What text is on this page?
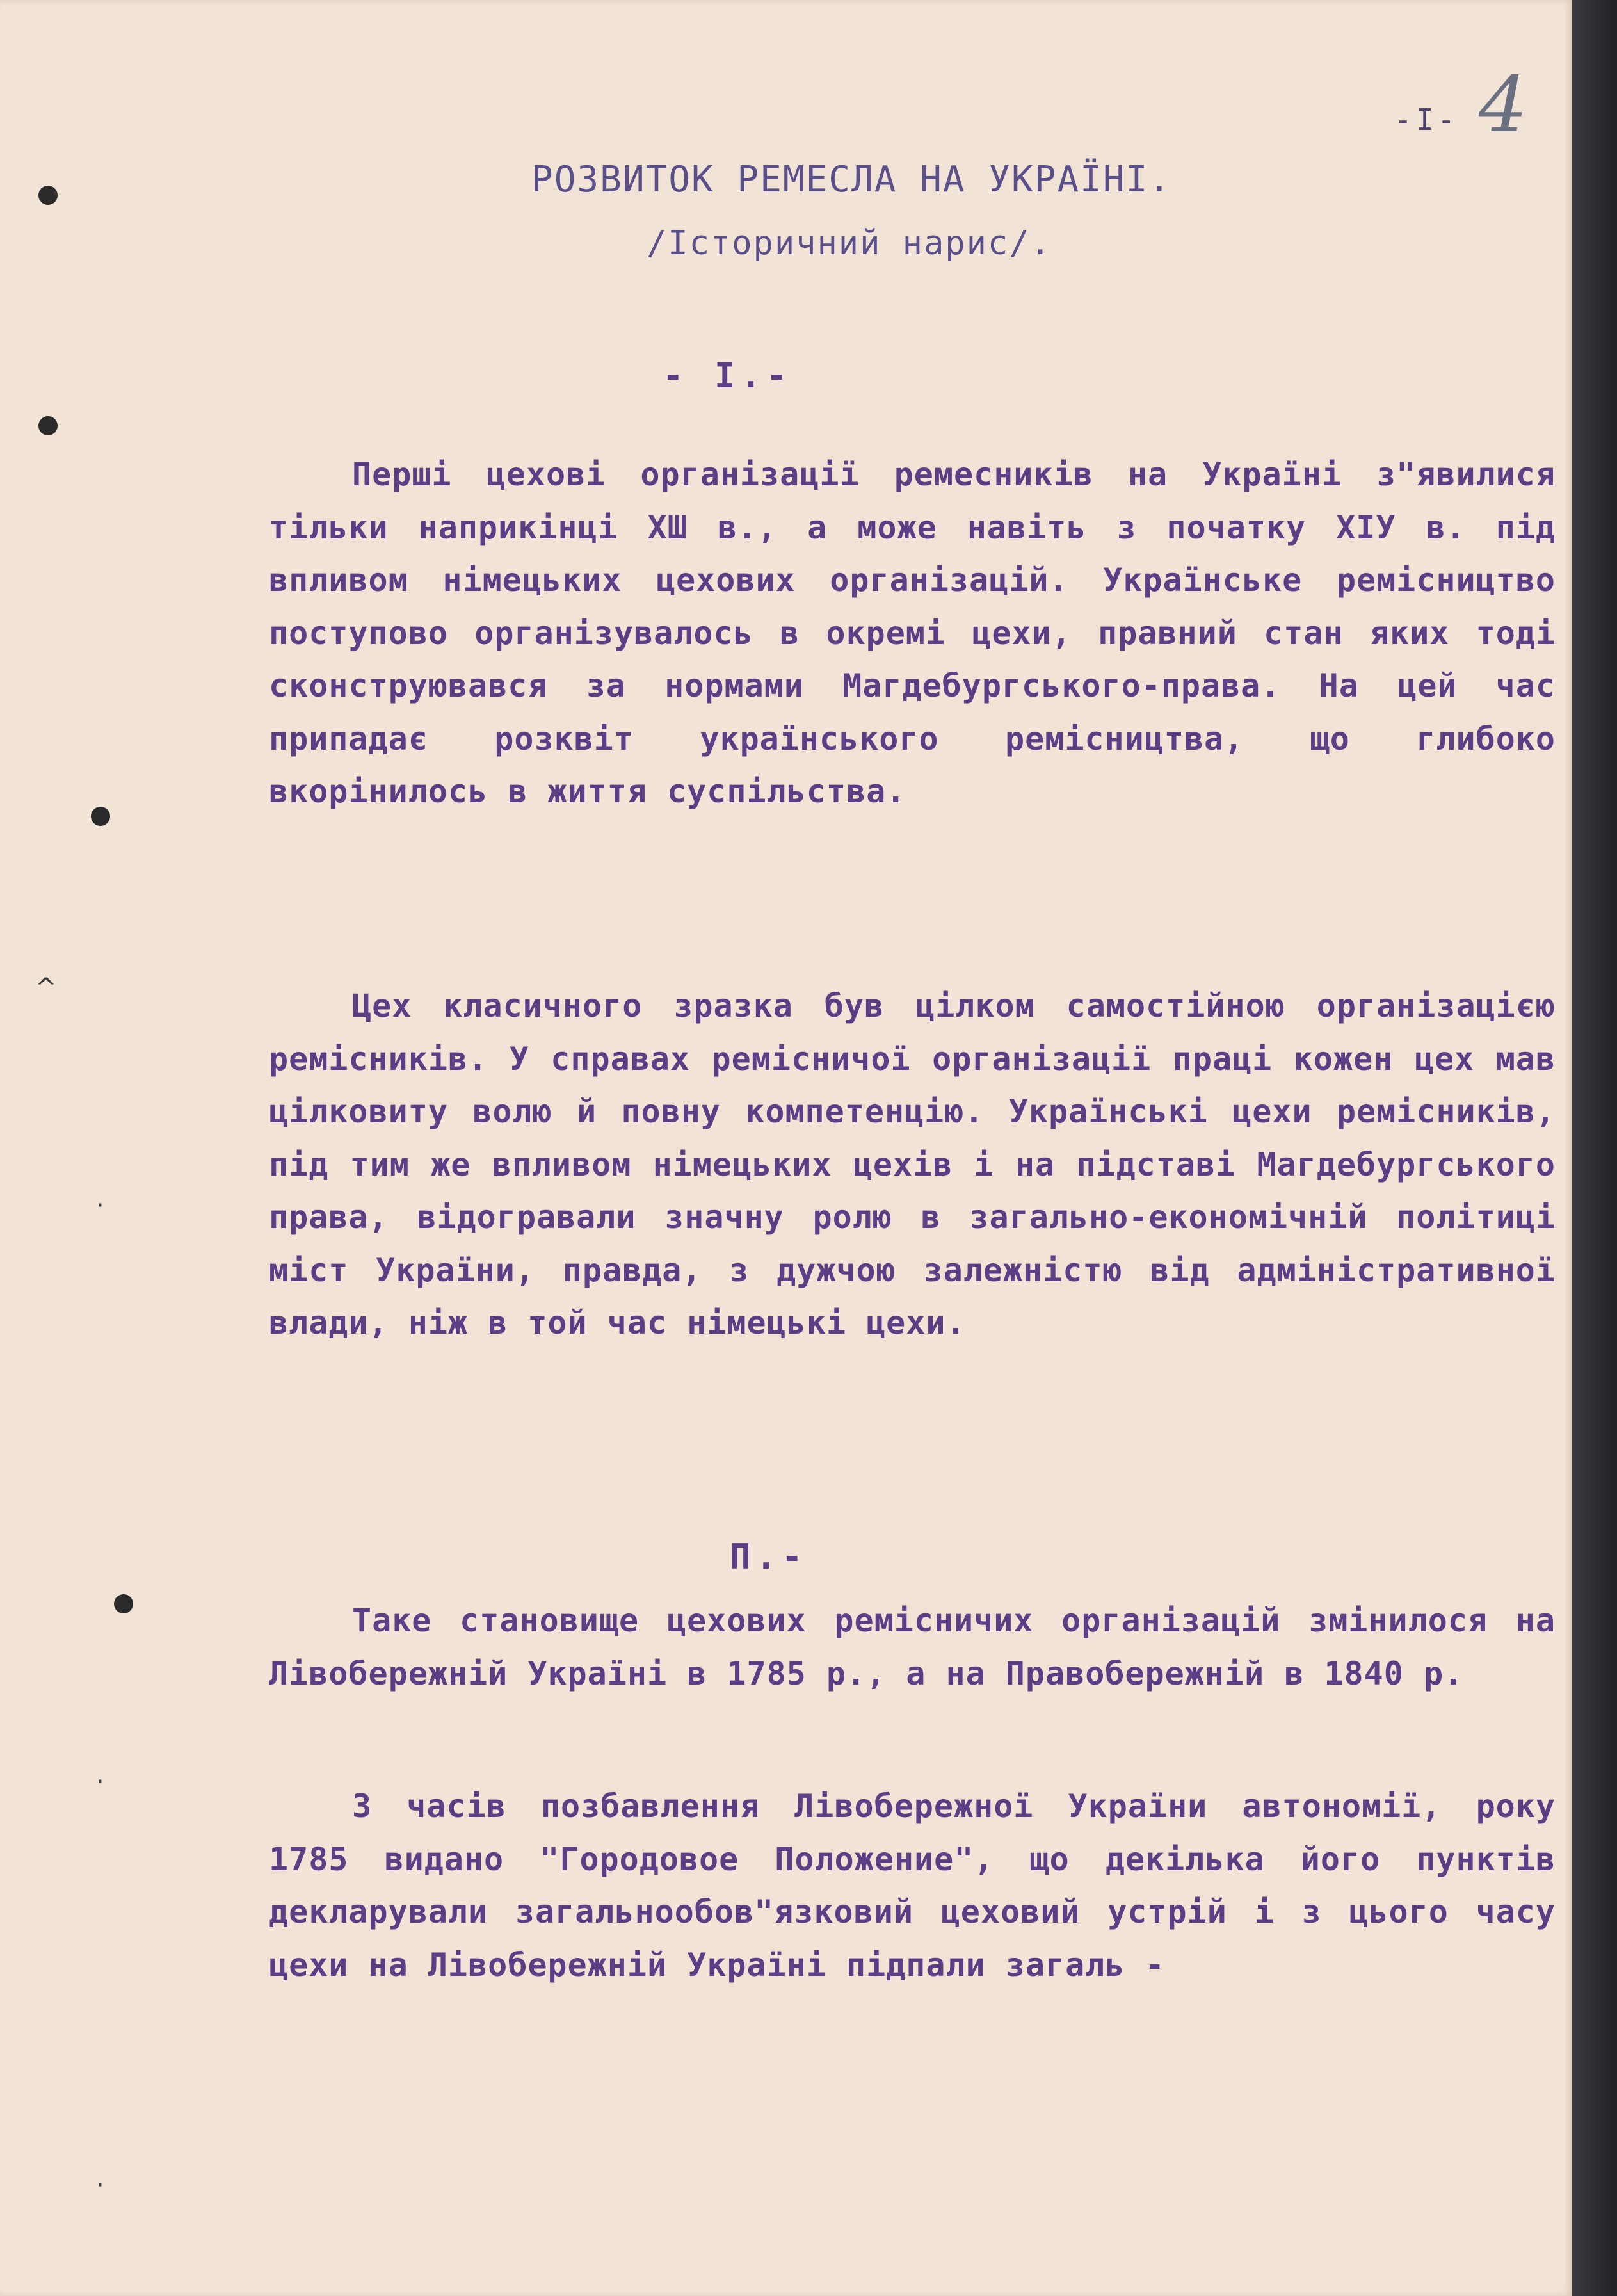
·
^
·
·
·
-I- 4
РОЗВИТОК РЕМЕСЛА НА УКРАЇНІ.
/Історичний нарис/.
- І.-

Перші цехові організації ремесників на Україні з"явилися тільки наприкінці ХШ в., а може навіть з початку ХІУ в. під впливом німецьких цехових організацій. Українське ремісництво поступово організувалось в окремі цехи, правний стан яких тоді сконструювався за нормами Магдебургського-права. На цей час припадає розквіт українського ремісництва, що глибоко вкорінилось в життя суспільства.

Цех класичного зразка був цілком самостійною організацією ремісників. У справах ремісничої організації праці кожен цех мав цілковиту волю й повну компетенцію. Українські цехи ремісників, під тим же впливом німецьких цехів і на підставі Магдебургського права, відогравали значну ролю в загально-економічній політиці міст України, правда, з дужчою залежністю від адміністративної влади, ніж в той час німецькі цехи.

П.-

Таке становище цехових ремісничих організацій змінилося на Лівобережній Україні в 1785 р., а на Правобережній в 1840 р.

З часів позбавлення Лівобережної України автономії, року 1785 видано "Городовое Положение", що декілька його пунктів декларували загальнообов"язковий цеховий устрій і з цього часу цехи на Лівобережній Україні підпали загаль -
